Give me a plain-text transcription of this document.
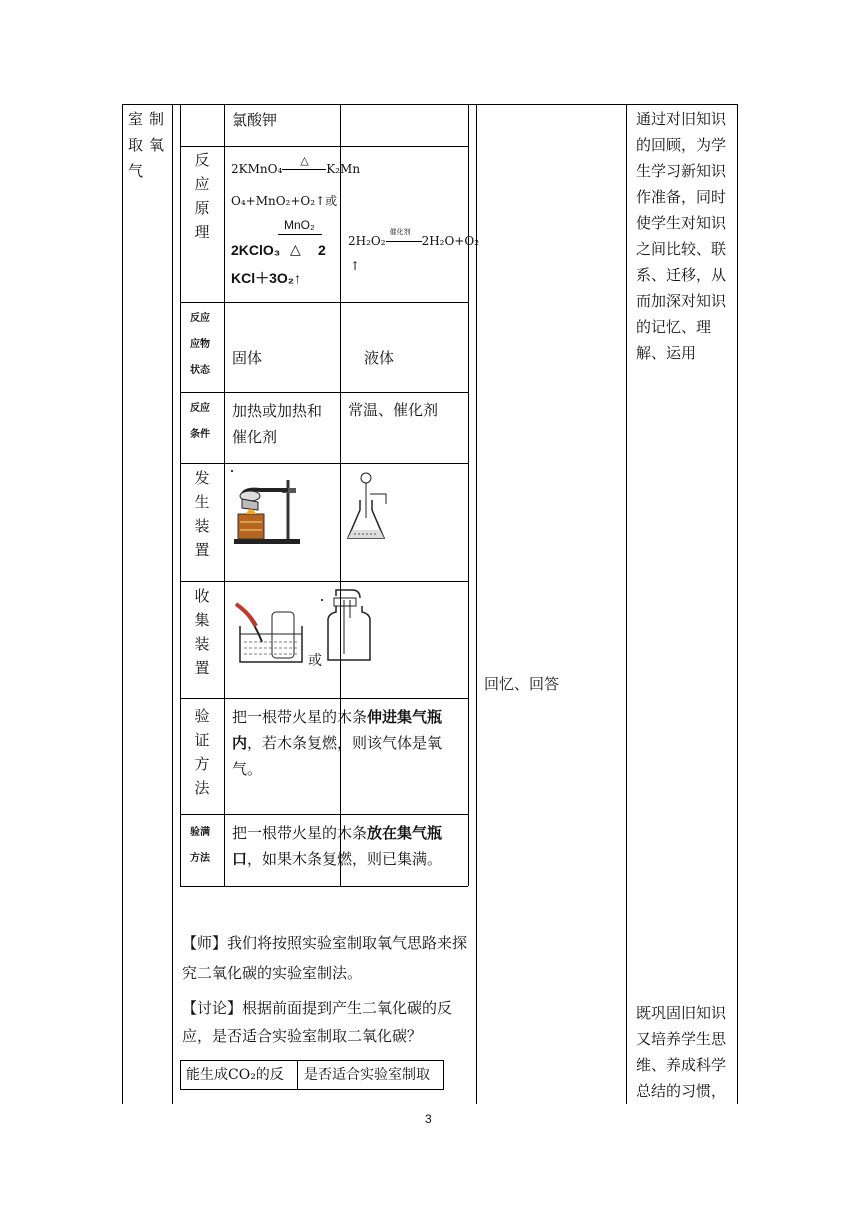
室制取氧气
氯酸钾
反应原理
2KMnO₄
△
K₂Mn
O₄+MnO₂+O₂↑或
MnO₂
2KClO₃ △ 2
KCl＋3O₂↑
2H₂O₂
催化剂
2H₂O+O₂
↑
反应应物状态
固体	液体
反应条件
加热或加热和催化剂
常温、催化剂
发生装置
收集装置	或
验证方法
把一根带火星的木条伸进集气瓶内，若木条复燃，则该气体是氧气。
验满方法
把一根带火星的木条放在集气瓶口，如果木条复燃，则已集满。
【师】我们将按照实验室制取氧气思路来探究二氧化碳的实验室制法。
【讨论】根据前面提到产生二氧化碳的反应，是否适合实验室制取二氧化碳？
能生成CO₂的反 是否适合实验室制取
回忆、回答
通过对旧知识的回顾，为学生学习新知识作准备，同时使学生对知识之间比较、联系、迁移，从而加深对知识的记忆、理解、运用
既巩固旧知识又培养学生思维、养成科学总结的习惯，
3
